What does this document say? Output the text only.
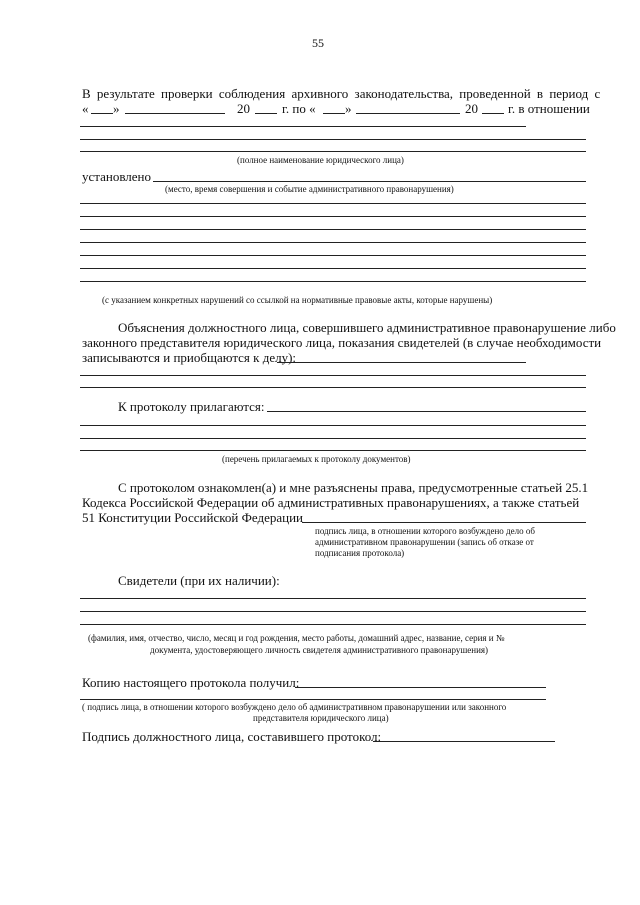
55
В результате проверки соблюдения архивного законодательства, проведенной в период с
« »	20 г. по « »	20 г. в отношении
(полное наименование юридического лица)
установлено
(место, время совершения и событие административного правонарушения)
(с указанием конкретных нарушений со ссылкой на нормативные правовые акты, которые нарушены)
Объяснения должностного лица, совершившего административное правонарушение либо
законного представителя юридического лица, показания свидетелей (в случае необходимости
записываются и приобщаются к делу):
К протоколу прилагаются:
(перечень прилагаемых к протоколу документов)
С протоколом ознакомлен(а) и мне разъяснены права, предусмотренные статьей 25.1
Кодекса Российской Федерации об административных правонарушениях, а также статьей
51 Конституции Российской Федерации
подпись лица, в отношении которого возбуждено дело об
административном правонарушении (запись об отказе от
подписания протокола)
Свидетели (при их наличии):
(фамилия, имя, отчество, число, месяц и год рождения, место работы, домашний адрес, название, серия и №
документа, удостоверяющего личность свидетеля административного правонарушения)
Копию настоящего протокола получил:
( подпись лица, в отношении которого возбуждено дело об административном правонарушении или законного
представителя юридического лица)
Подпись должностного лица, составившего протокол:
